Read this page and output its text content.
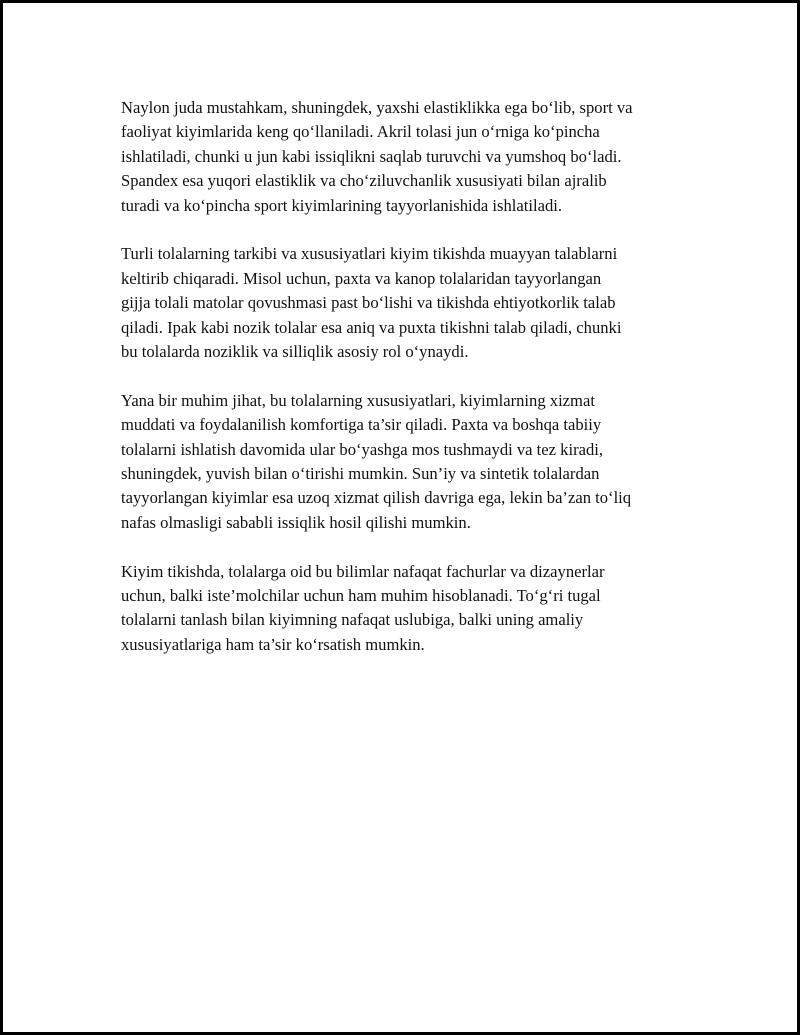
Naylon juda mustahkam, shuningdek, yaxshi elastiklikka ega bo‘lib, sport va
faoliyat kiyimlarida keng qo‘llaniladi. Akril tolasi jun o‘rniga ko‘pincha
ishlatiladi, chunki u jun kabi issiqlikni saqlab turuvchi va yumshoq bo‘ladi.
Spandex esa yuqori elastiklik va cho‘ziluvchanlik xususiyati bilan ajralib
turadi va ko‘pincha sport kiyimlarining tayyorlanishida ishlatiladi.

Turli tolalarning tarkibi va xususiyatlari kiyim tikishda muayyan talablarni
keltirib chiqaradi. Misol uchun, paxta va kanop tolalaridan tayyorlangan
gijja tolali matolar qovushmasi past bo‘lishi va tikishda ehtiyotkorlik talab
qiladi. Ipak kabi nozik tolalar esa aniq va puxta tikishni talab qiladi, chunki
bu tolalarda noziklik va silliqlik asosiy rol o‘ynaydi.

Yana bir muhim jihat, bu tolalarning xususiyatlari, kiyimlarning xizmat
muddati va foydalanilish komfortiga ta’sir qiladi. Paxta va boshqa tabiiy
tolalarni ishlatish davomida ular bo‘yashga mos tushmaydi va tez kiradi,
shuningdek, yuvish bilan o‘tirishi mumkin. Sun’iy va sintetik tolalardan
tayyorlangan kiyimlar esa uzoq xizmat qilish davriga ega, lekin ba’zan to‘liq
nafas olmasligi sababli issiqlik hosil qilishi mumkin.

Kiyim tikishda, tolalarga oid bu bilimlar nafaqat fachurlar va dizaynerlar
uchun, balki iste’molchilar uchun ham muhim hisoblanadi. To‘g‘ri tugal
tolalarni tanlash bilan kiyimning nafaqat uslubiga, balki uning amaliy
xususiyatlariga ham ta’sir ko‘rsatish mumkin.
